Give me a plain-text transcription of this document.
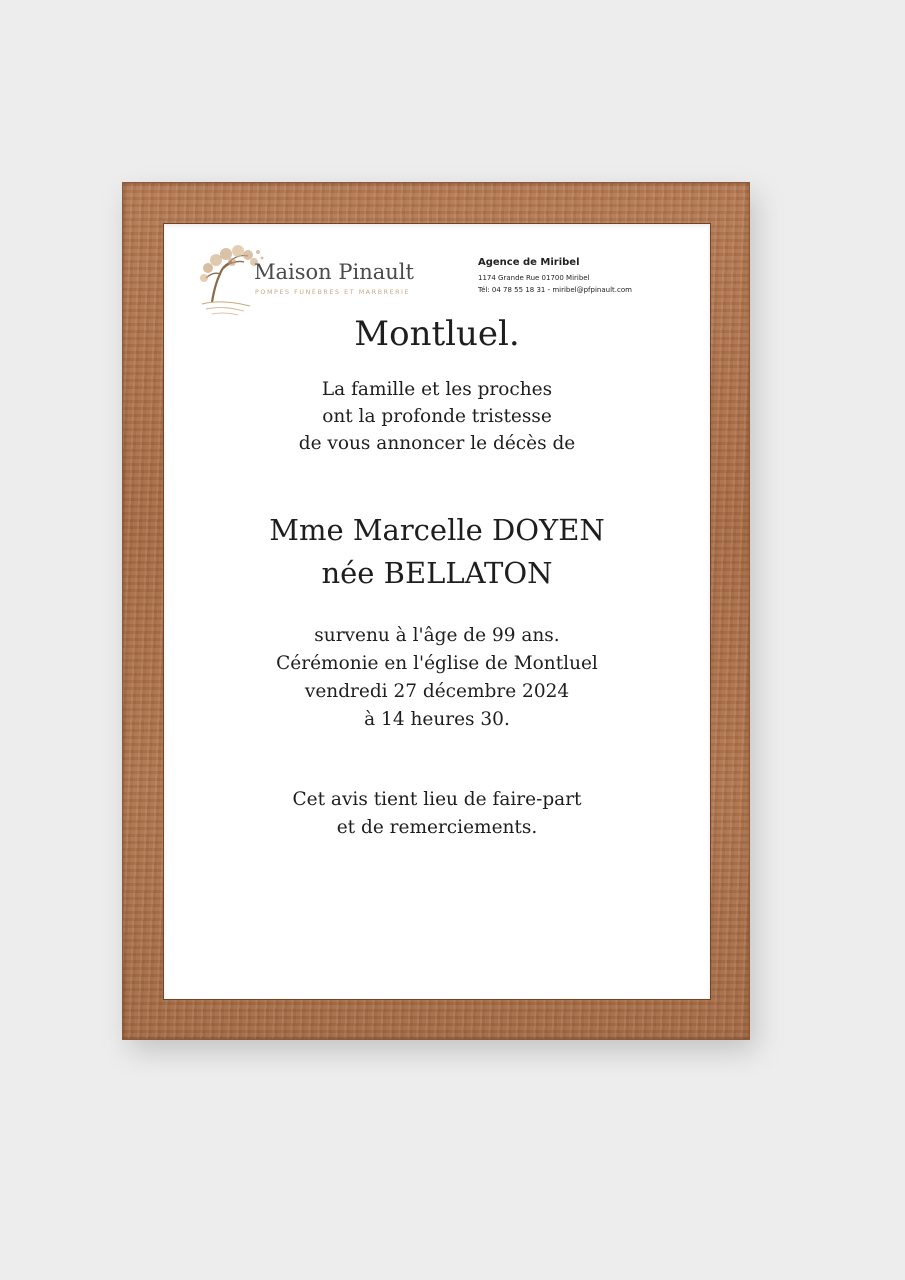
Maison Pinault
POMPES FUNÈBRES ET MARBRERIE
Agence de Miribel
1174 Grande Rue 01700 Miribel
Tél: 04 78 55 18 31 - miribel@pfpinault.com
Montluel.
La famille et les proches
ont la profonde tristesse
de vous annoncer le décès de
Mme Marcelle DOYEN
née BELLATON
survenu à l'âge de 99 ans.
Cérémonie en l'église de Montluel
vendredi 27 décembre 2024
à 14 heures 30.
Cet avis tient lieu de faire-part
et de remerciements.
